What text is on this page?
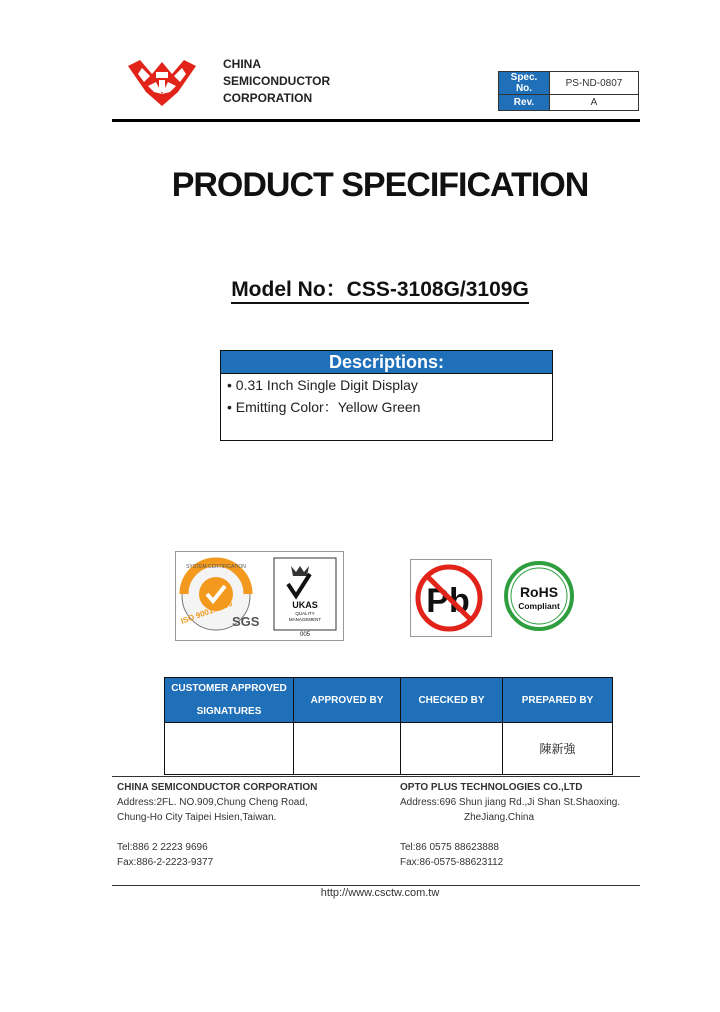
CHINA
SEMICONDUCTOR
CORPORATION
Spec. No.	PS-ND-0807
Rev.	A
PRODUCT SPECIFICATION
Model No：CSS-3108G/3109G
Descriptions:
• 0.31 Inch Single Digit Display
• Emitting Color：Yellow Green
SYSTEM CERTIFICATION
ISO 9001:2000
SGS
UKAS
QUALITY
MANAGEMENT
005
Pb	RoHS
Compliant
CUSTOMER APPROVED
SIGNATURES	APPROVED BY	CHECKED BY	PREPARED BY
			陳新強
CHINA SEMICONDUCTOR CORPORATION
Address:2FL. NO.909,Chung Cheng Road,
Chung-Ho City Taipei Hsien,Taiwan.
Tel:886 2 2223 9696
Fax:886-2-2223-9377
OPTO PLUS TECHNOLOGIES CO.,LTD
Address:696 Shun jiang Rd.,Ji Shan St.Shaoxing.
ZheJiang.China
Tel:86 0575 88623888
Fax:86-0575-88623112
http://www.csctw.com.tw
